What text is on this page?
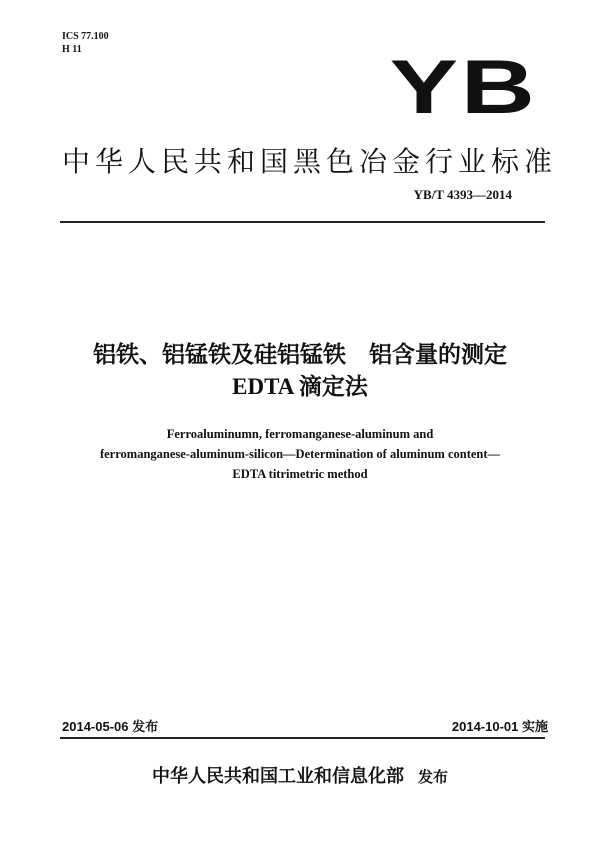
ICS 77.100
H 11	YB
中华人民共和国黑色冶金行业标准
YB/T 4393—2014
铝铁、铝锰铁及硅铝锰铁　铝含量的测定
EDTA 滴定法
Ferroaluminumn, ferromanganese-aluminum and
ferromanganese-aluminum-silicon—Determination of aluminum content—
EDTA titrimetric method
2014-05-06 发布	2014-10-01 实施
中华人民共和国工业和信息化部 发布
